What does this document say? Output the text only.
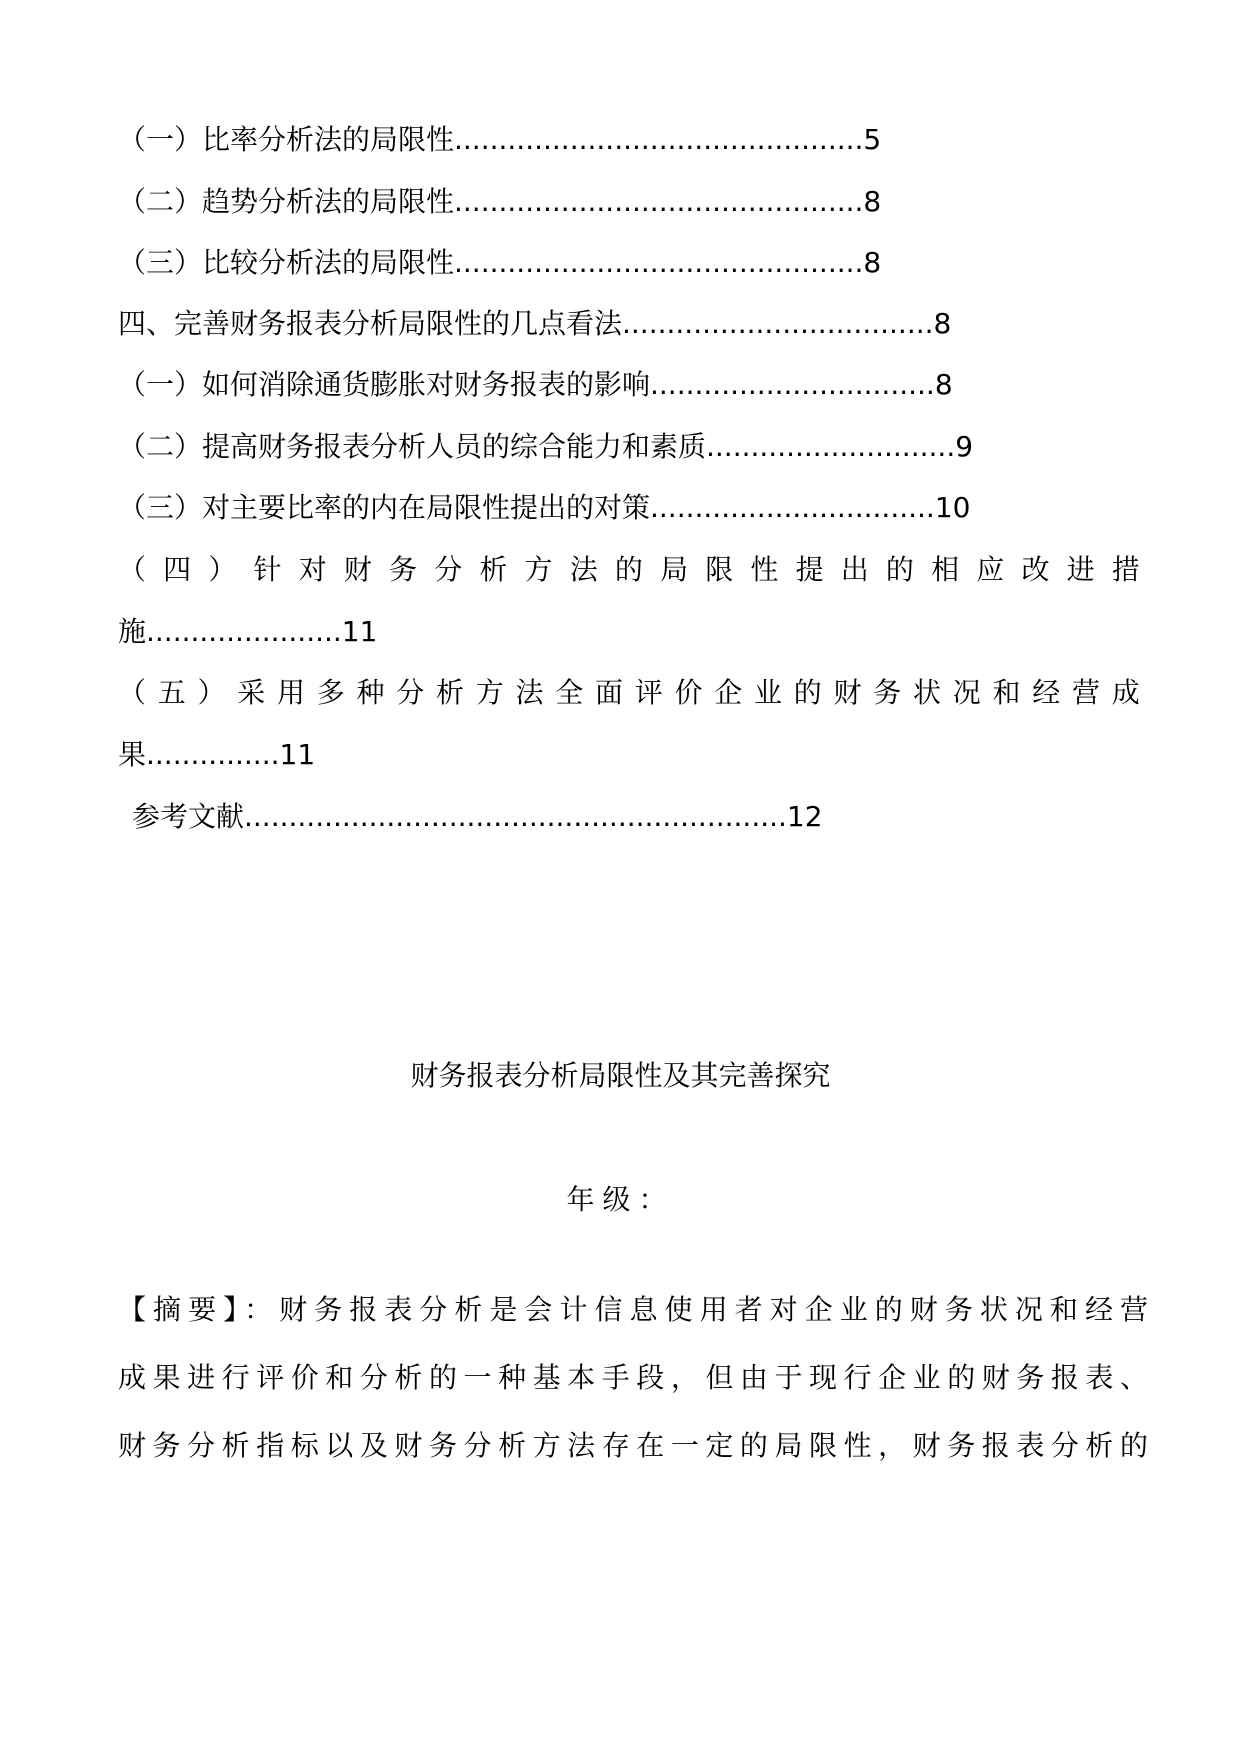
（一）比率分析法的局限性..............................................5
（二）趋势分析法的局限性..............................................8
（三）比较分析法的局限性..............................................8
四、完善财务报表分析局限性的几点看法...................................8
（一）如何消除通货膨胀对财务报表的影响................................8
（二）提高财务报表分析人员的综合能力和素质............................9
（三）对主要比率的内在局限性提出的对策................................10
（ 四 ） 针 对 财 务 分 析 方 法 的 局 限 性 提 出 的 相 应 改 进 措
施......................11
（ 五 ） 采 用 多 种 分 析 方 法 全 面 评 价 企 业 的 财 务 状 况 和 经 营 成
果...............11
参考文献.............................................................12
财务报表分析局限性及其完善探究
年级：
【摘要】：财务报表分析是会计信息使用者对企业的财务状况和经营
成果进行评价和分析的一种基本手段，但由于现行企业的财务报表、
财务分析指标以及财务分析方法存在一定的局限性，财务报表分析的
